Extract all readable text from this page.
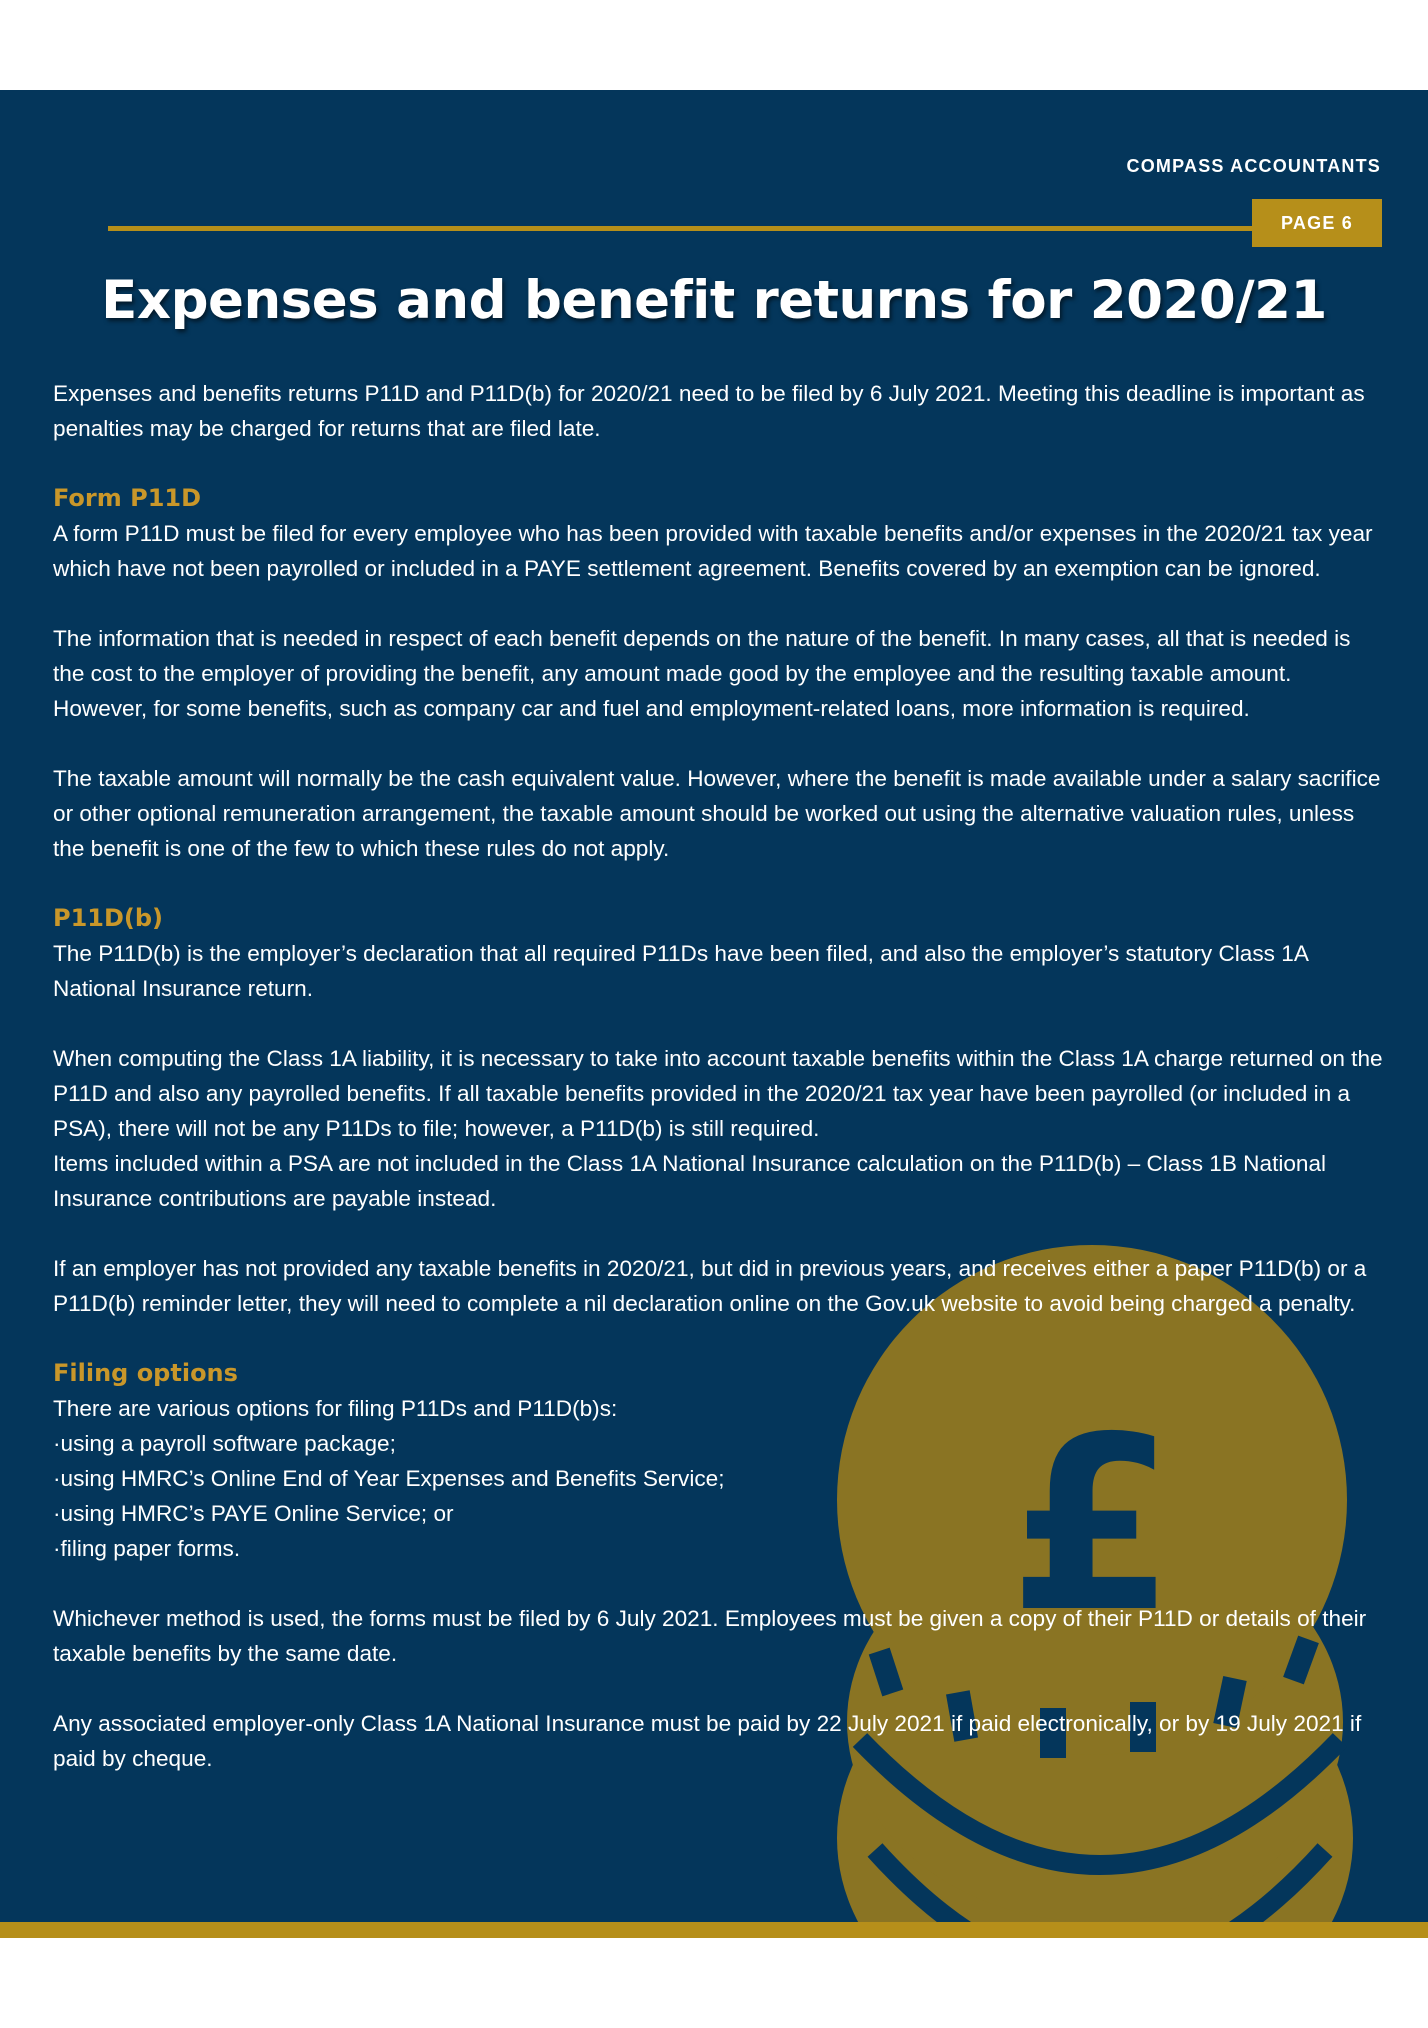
£
COMPASS ACCOUNTANTS
PAGE 6
Expenses and benefit returns for 2020/21

Expenses and benefits returns P11D and P11D(b) for 2020/21 need to be filed by 6 July 2021. Meeting this deadline is important as penalties may be charged for returns that are filed late.

Form P11D

A form P11D must be filed for every employee who has been provided with taxable benefits and/or expenses in the 2020/21 tax year which have not been payrolled or included in a PAYE settlement agreement. Benefits covered by an exemption can be ignored.

The information that is needed in respect of each benefit depends on the nature of the benefit. In many cases, all that is needed is the cost to the employer of providing the benefit, any amount made good by the employee and the resulting taxable amount. However, for some benefits, such as company car and fuel and employment-related loans, more information is required.

The taxable amount will normally be the cash equivalent value. However, where the benefit is made available under a salary sacrifice or other optional remuneration arrangement, the taxable amount should be worked out using the alternative valuation rules, unless the benefit is one of the few to which these rules do not apply.

P11D(b)

The P11D(b) is the employer’s declaration that all required P11Ds have been filed, and also the employer’s statutory Class 1A National Insurance return.

When computing the Class 1A liability, it is necessary to take into account taxable benefits within the Class 1A charge returned on the P11D and also any payrolled benefits. If all taxable benefits provided in the 2020/21 tax year have been payrolled (or included in a PSA), there will not be any P11Ds to file; however, a P11D(b) is still required.

Items included within a PSA are not included in the Class 1A National Insurance calculation on the P11D(b) – Class 1B National Insurance contributions are payable instead.

If an employer has not provided any taxable benefits in 2020/21, but did in previous years, and receives either a paper P11D(b) or a P11D(b) reminder letter, they will need to complete a nil declaration online on the Gov.uk website to avoid being charged a penalty.

Filing options

There are various options for filing P11Ds and P11D(b)s:

·using a payroll software package;

·using HMRC’s Online End of Year Expenses and Benefits Service;

·using HMRC’s PAYE Online Service; or

·filing paper forms.

Whichever method is used, the forms must be filed by 6 July 2021. Employees must be given a copy of their P11D or details of their taxable benefits by the same date.

Any associated employer-only Class 1A National Insurance must be paid by 22 July 2021 if paid electronically, or by 19 July 2021 if paid by cheque.
